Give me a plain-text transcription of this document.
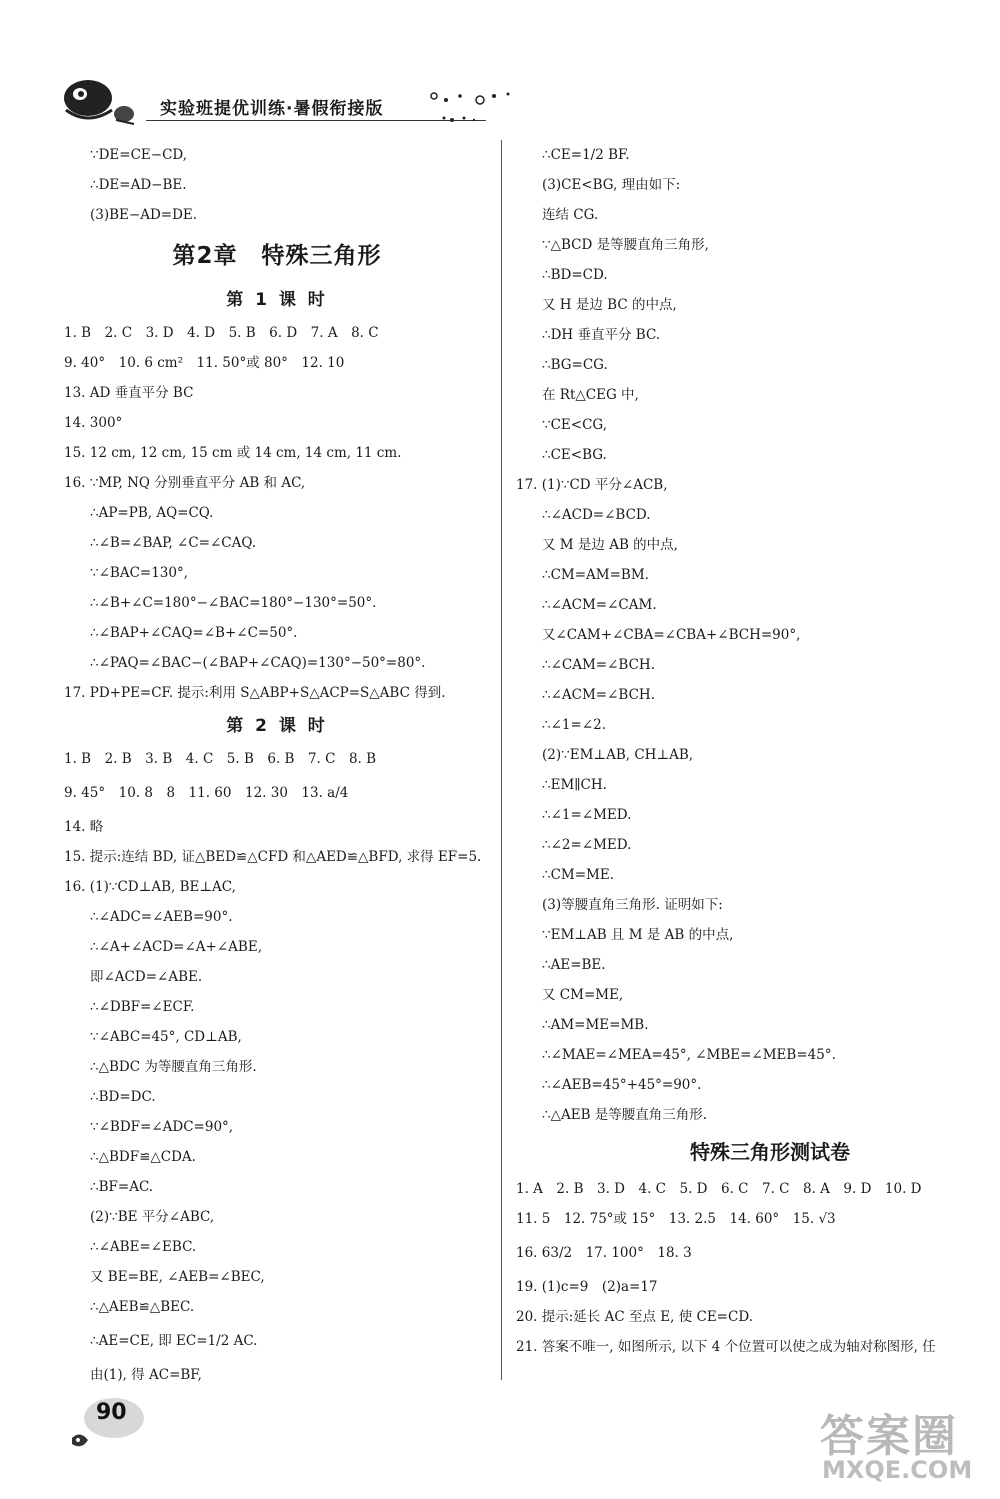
实验班提优训练·暑假衔接版
∵DE=CE−CD,
∴DE=AD−BE.
(3)BE−AD=DE.
第2章　特殊三角形
第 1 课 时
1. B　2. C　3. D　4. D　5. B　6. D　7. A　8. C
9. 40°　10. 6 cm²　11. 50°或 80°　12. 10
13. AD 垂直平分 BC
14. 300°
15. 12 cm, 12 cm, 15 cm 或 14 cm, 14 cm, 11 cm.
16. ∵MP, NQ 分别垂直平分 AB 和 AC,
∴AP=PB, AQ=CQ.
∴∠B=∠BAP, ∠C=∠CAQ.
∵∠BAC=130°,
∴∠B+∠C=180°−∠BAC=180°−130°=50°.
∴∠BAP+∠CAQ=∠B+∠C=50°.
∴∠PAQ=∠BAC−(∠BAP+∠CAQ)=130°−50°=80°.
17. PD+PE=CF. 提示:利用 S△ABP+S△ACP=S△ABC 得到.
第 2 课 时
1. B　2. B　3. B　4. C　5. B　6. B　7. C　8. B
9. 45°　10. 8　8　11. 60　12. 30　13. a/4
14. 略
15. 提示:连结 BD, 证△BED≌△CFD 和△AED≌△BFD, 求得 EF=5.
16. (1)∵CD⊥AB, BE⊥AC,
∴∠ADC=∠AEB=90°.
∴∠A+∠ACD=∠A+∠ABE,
即∠ACD=∠ABE.
∴∠DBF=∠ECF.
∵∠ABC=45°, CD⊥AB,
∴△BDC 为等腰直角三角形.
∴BD=DC.
∵∠BDF=∠ADC=90°,
∴△BDF≌△CDA.
∴BF=AC.
(2)∵BE 平分∠ABC,
∴∠ABE=∠EBC.
又 BE=BE, ∠AEB=∠BEC,
∴△AEB≌△BEC.
∴AE=CE, 即 EC=1/2 AC.
由(1), 得 AC=BF,
∴CE=1/2 BF.
(3)CE<BG, 理由如下:
连结 CG.
∵△BCD 是等腰直角三角形,
∴BD=CD.
又 H 是边 BC 的中点,
∴DH 垂直平分 BC.
∴BG=CG.
在 Rt△CEG 中,
∵CE<CG,
∴CE<BG.
17. (1)∵CD 平分∠ACB,
∴∠ACD=∠BCD.
又 M 是边 AB 的中点,
∴CM=AM=BM.
∴∠ACM=∠CAM.
又∠CAM+∠CBA=∠CBA+∠BCH=90°,
∴∠CAM=∠BCH.
∴∠ACM=∠BCH.
∴∠1=∠2.
(2)∵EM⊥AB, CH⊥AB,
∴EM∥CH.
∴∠1=∠MED.
∴∠2=∠MED.
∴CM=ME.
(3)等腰直角三角形. 证明如下:
∵EM⊥AB 且 M 是 AB 的中点,
∴AE=BE.
又 CM=ME,
∴AM=ME=MB.
∴∠MAE=∠MEA=45°, ∠MBE=∠MEB=45°.
∴∠AEB=45°+45°=90°.
∴△AEB 是等腰直角三角形.
特殊三角形测试卷
1. A　2. B　3. D　4. C　5. D　6. C　7. C　8. A　9. D　10. D
11. 5　12. 75°或 15°　13. 2.5　14. 60°　15. √3
16. 63/2　17. 100°　18. 3
19. (1)c=9　(2)a=17
20. 提示:延长 AC 至点 E, 使 CE=CD.
21. 答案不唯一, 如图所示, 以下 4 个位置可以使之成为轴对称图形, 任
90	答案圈
MXQE.COM
